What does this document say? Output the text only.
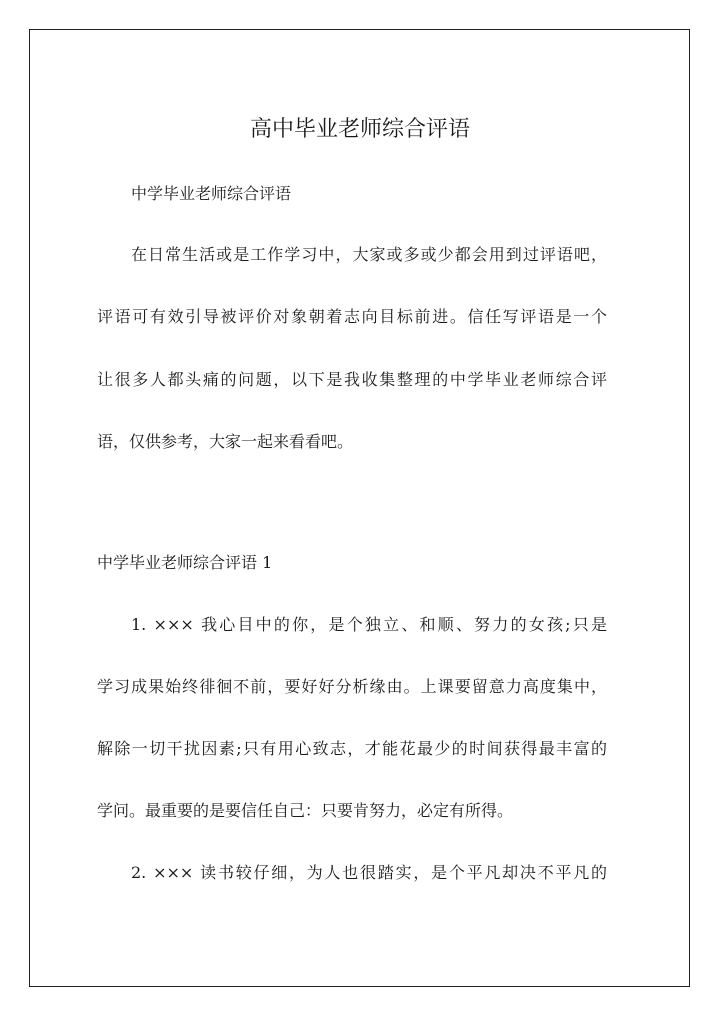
高中毕业老师综合评语

中学毕业老师综合评语

在日常生活或是工作学习中，大家或多或少都会用到过评语吧，

评语可有效引导被评价对象朝着志向目标前进。信任写评语是一个

让很多人都头痛的问题，以下是我收集整理的中学毕业老师综合评

语，仅供参考，大家一起来看看吧。

中学毕业老师综合评语 1

1. ××× 我心目中的你，是个独立、和顺、努力的女孩;只是

学习成果始终徘徊不前，要好好分析缘由。上课要留意力高度集中，

解除一切干扰因素;只有用心致志，才能花最少的时间获得最丰富的

学问。最重要的是要信任自己：只要肯努力，必定有所得。

2. ××× 读书较仔细，为人也很踏实，是个平凡却决不平凡的
